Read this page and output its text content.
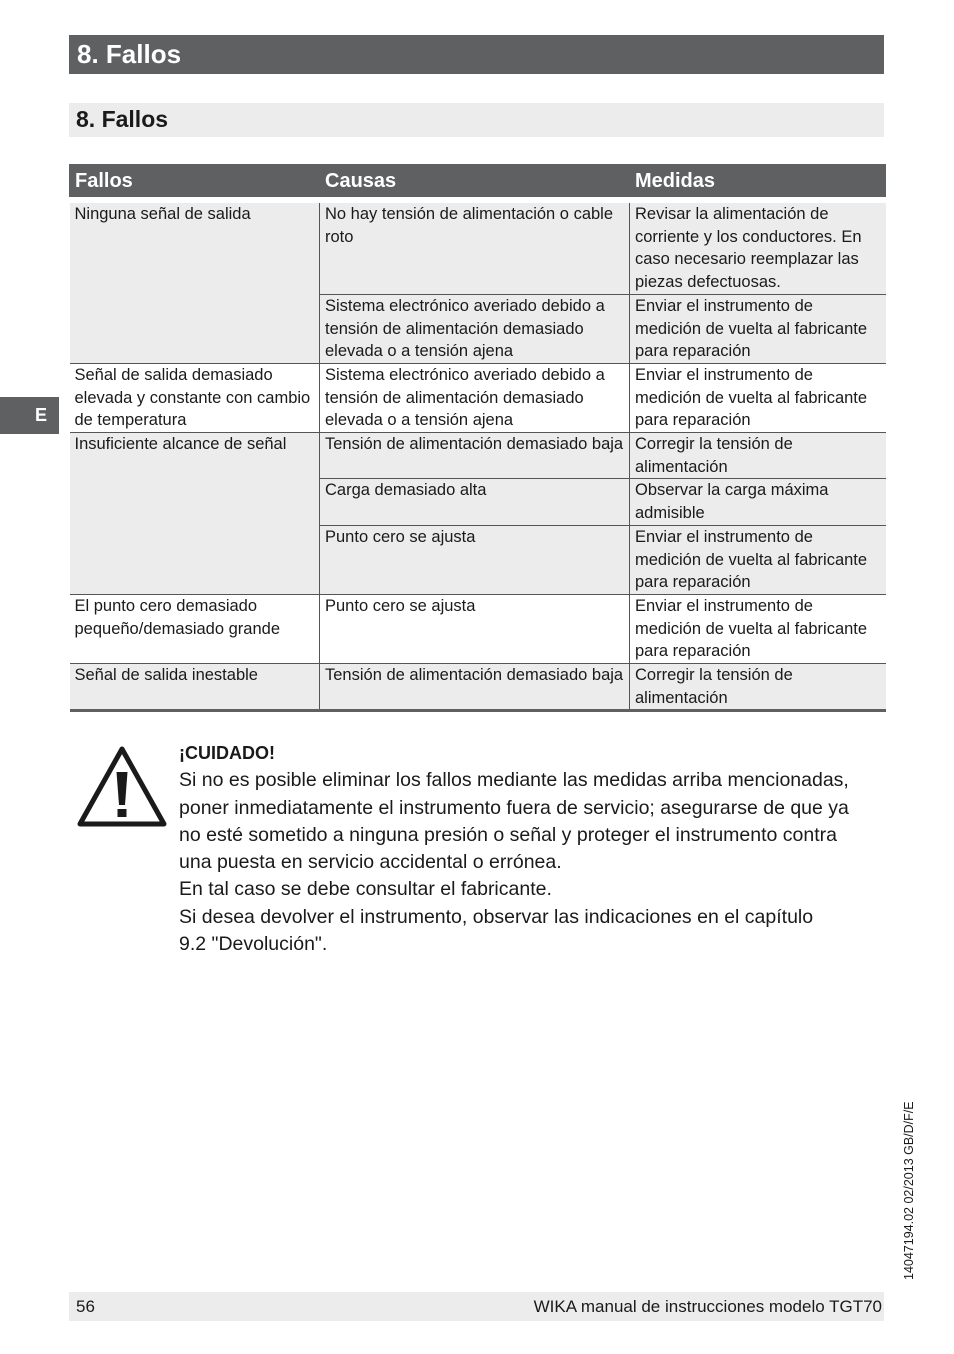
8. Fallos
8. Fallos
E
Fallos	Causas	Medidas
Ninguna señal de salida	No hay tensión de alimentación o cable roto	Revisar la alimentación de corriente y los conductores. En caso necesario reemplazar las piezas defectuosas.
	Sistema electrónico averiado debido a tensión de alimentación demasiado elevada o a tensión ajena	Enviar el instrumento de medición de vuelta al fabricante para reparación
Señal de salida demasiado elevada y constante con cambio de temperatura	Sistema electrónico averiado debido a tensión de alimentación demasiado elevada o a tensión ajena	Enviar el instrumento de medición de vuelta al fabricante para reparación
Insuficiente alcance de señal	Tensión de alimentación demasiado baja	Corregir la tensión de alimentación
	Carga demasiado alta	Observar la carga máxima admisible
	Punto cero se ajusta	Enviar el instrumento de medición de vuelta al fabricante para reparación
El punto cero demasiado pequeño/demasiado grande	Punto cero se ajusta	Enviar el instrumento de medición de vuelta al fabricante para reparación
Señal de salida inestable	Tensión de alimentación demasiado baja	Corregir la tensión de alimentación
¡CUIDADO!
Si no es posible eliminar los fallos mediante las medidas arriba mencionadas,
poner inmediatamente el instrumento fuera de servicio; asegurarse de que ya
no esté sometido a ninguna presión o señal y proteger el instrumento contra
una puesta en servicio accidental o errónea.
En tal caso se debe consultar el fabricante.
Si desea devolver el instrumento, observar las indicaciones en el capítulo
9.2 "Devolución".
14047194.02 02/2013 GB/D/F/E
56	WIKA manual de instrucciones modelo TGT70
